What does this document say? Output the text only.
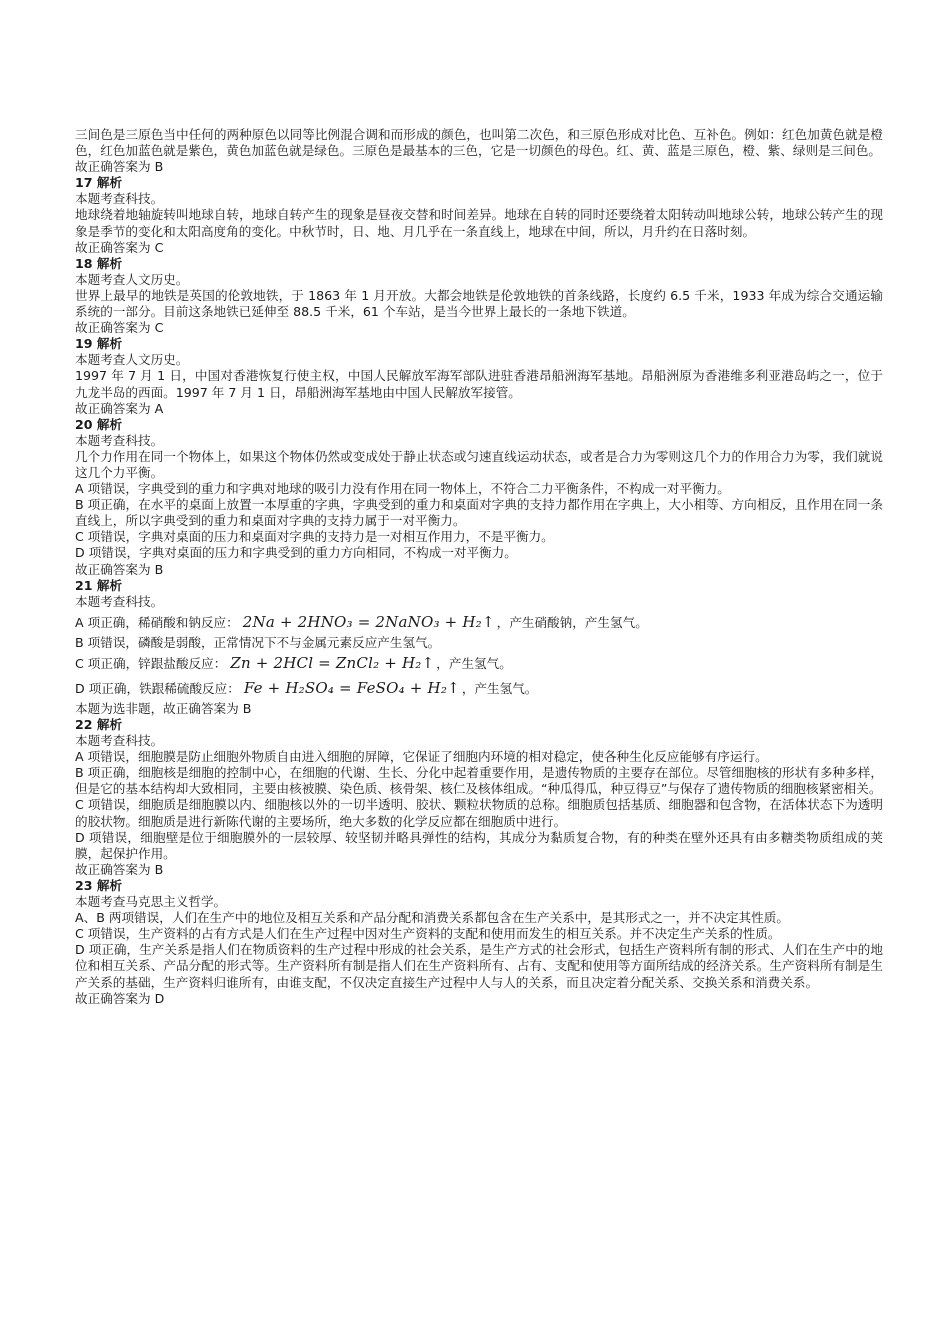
三间色是三原色当中任何的两种原色以同等比例混合调和而形成的颜色，也叫第二次色，和三原色形成对比色、互补色。例如：红色加黄色就是橙色，红色加蓝色就是紫色，黄色加蓝色就是绿色。三原色是最基本的三色，它是一切颜色的母色。红、黄、蓝是三原色，橙、紫、绿则是三间色。
故正确答案为 B
17 解析
本题考查科技。
地球绕着地轴旋转叫地球自转，地球自转产生的现象是昼夜交替和时间差异。地球在自转的同时还要绕着太阳转动叫地球公转，地球公转产生的现象是季节的变化和太阳高度角的变化。中秋节时，日、地、月几乎在一条直线上，地球在中间，所以，月升约在日落时刻。
故正确答案为 C
18 解析
本题考查人文历史。
世界上最早的地铁是英国的伦敦地铁，于 1863 年 1 月开放。大都会地铁是伦敦地铁的首条线路，长度约 6.5 千米，1933 年成为综合交通运输系统的一部分。目前这条地铁已延伸至 88.5 千米，61 个车站，是当今世界上最长的一条地下铁道。
故正确答案为 C
19 解析
本题考查人文历史。
1997 年 7 月 1 日，中国对香港恢复行使主权，中国人民解放军海军部队进驻香港昂船洲海军基地。昂船洲原为香港维多利亚港岛屿之一，位于九龙半岛的西面。1997 年 7 月 1 日，昂船洲海军基地由中国人民解放军接管。
故正确答案为 A
20 解析
本题考查科技。
几个力作用在同一个物体上，如果这个物体仍然或变成处于静止状态或匀速直线运动状态，或者是合力为零则这几个力的作用合力为零，我们就说这几个力平衡。
A 项错误，字典受到的重力和字典对地球的吸引力没有作用在同一物体上，不符合二力平衡条件，不构成一对平衡力。
B 项正确，在水平的桌面上放置一本厚重的字典，字典受到的重力和桌面对字典的支持力都作用在字典上，大小相等、方向相反，且作用在同一条直线上，所以字典受到的重力和桌面对字典的支持力属于一对平衡力。
C 项错误，字典对桌面的压力和桌面对字典的支持力是一对相互作用力，不是平衡力。
D 项错误，字典对桌面的压力和字典受到的重力方向相同，不构成一对平衡力。
故正确答案为 B
21 解析
本题考查科技。
A 项正确，稀硝酸和钠反应： 2Na + 2HNO₃ = 2NaNO₃ + H₂↑ ，产生硝酸钠，产生氢气。
B 项错误，磷酸是弱酸，正常情况下不与金属元素反应产生氢气。
C 项正确，锌跟盐酸反应： Zn + 2HCl = ZnCl₂ + H₂↑ ，产生氢气。
D 项正确，铁跟稀硫酸反应： Fe + H₂SO₄ = FeSO₄ + H₂↑ ，产生氢气。
本题为选非题，故正确答案为 B
22 解析
本题考查科技。
A 项错误，细胞膜是防止细胞外物质自由进入细胞的屏障，它保证了细胞内环境的相对稳定，使各种生化反应能够有序运行。
B 项正确，细胞核是细胞的控制中心，在细胞的代谢、生长、分化中起着重要作用，是遗传物质的主要存在部位。尽管细胞核的形状有多种多样，但是它的基本结构却大致相同，主要由核被膜、染色质、核骨架、核仁及核体组成。“种瓜得瓜，种豆得豆”与保存了遗传物质的细胞核紧密相关。
C 项错误，细胞质是细胞膜以内、细胞核以外的一切半透明、胶状、颗粒状物质的总称。细胞质包括基质、细胞器和包含物，在活体状态下为透明的胶状物。细胞质是进行新陈代谢的主要场所，绝大多数的化学反应都在细胞质中进行。
D 项错误，细胞壁是位于细胞膜外的一层较厚、较坚韧并略具弹性的结构，其成分为黏质复合物，有的种类在壁外还具有由多糖类物质组成的荚膜，起保护作用。
故正确答案为 B
23 解析
本题考查马克思主义哲学。
A、B 两项错误，人们在生产中的地位及相互关系和产品分配和消费关系都包含在生产关系中，是其形式之一，并不决定其性质。
C 项错误，生产资料的占有方式是人们在生产过程中因对生产资料的支配和使用而发生的相互关系。并不决定生产关系的性质。
D 项正确，生产关系是指人们在物质资料的生产过程中形成的社会关系，是生产方式的社会形式，包括生产资料所有制的形式、人们在生产中的地位和相互关系、产品分配的形式等。生产资料所有制是指人们在生产资料所有、占有、支配和使用等方面所结成的经济关系。生产资料所有制是生产关系的基础，生产资料归谁所有，由谁支配，不仅决定直接生产过程中人与人的关系，而且决定着分配关系、交换关系和消费关系。
故正确答案为 D
